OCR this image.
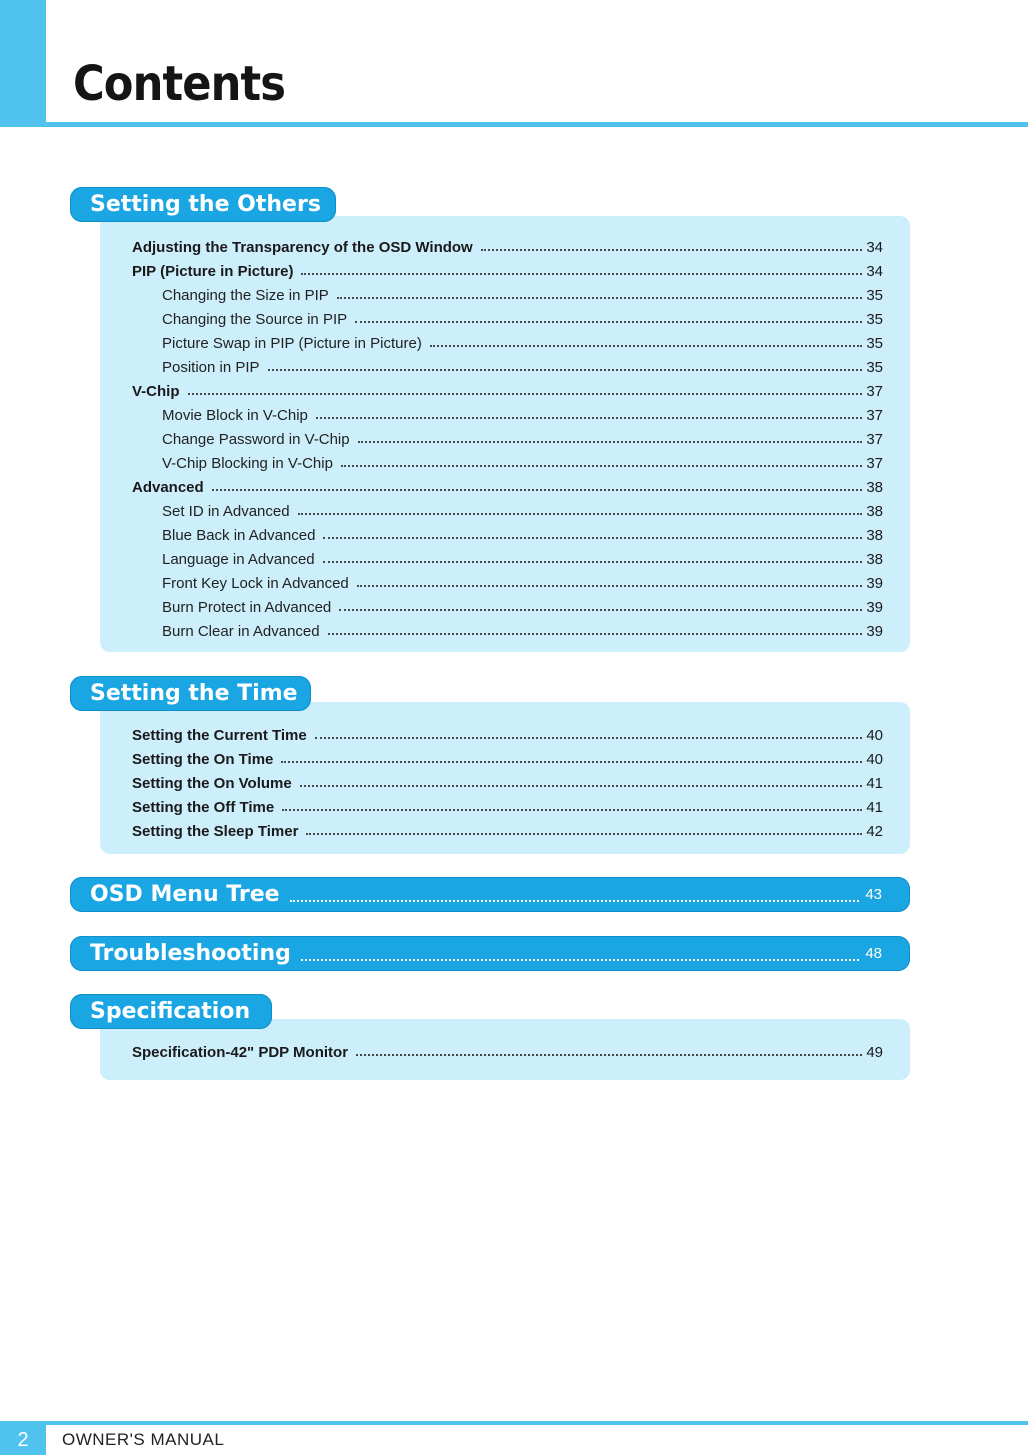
Contents
Setting the Others
Adjusting the Transparency of the OSD Window	34
PIP (Picture in Picture)	34
Changing the Size in PIP	35
Changing the Source in PIP	35
Picture Swap in PIP (Picture in Picture)	35
Position in PIP	35
V-Chip	37
Movie Block in V-Chip	37
Change Password in V-Chip	37
V-Chip Blocking in V-Chip	37
Advanced	38
Set ID in Advanced	38
Blue Back in Advanced	38
Language in Advanced	38
Front Key Lock in Advanced	39
Burn Protect in Advanced	39
Burn Clear in Advanced	39
Setting the Time
Setting the Current Time	40
Setting the On Time	40
Setting the On Volume	41
Setting the Off Time	41
Setting the Sleep Timer	42
OSD Menu Tree	43
Troubleshooting	48
Specification
Specification-42" PDP Monitor	49
2	OWNER'S MANUAL
